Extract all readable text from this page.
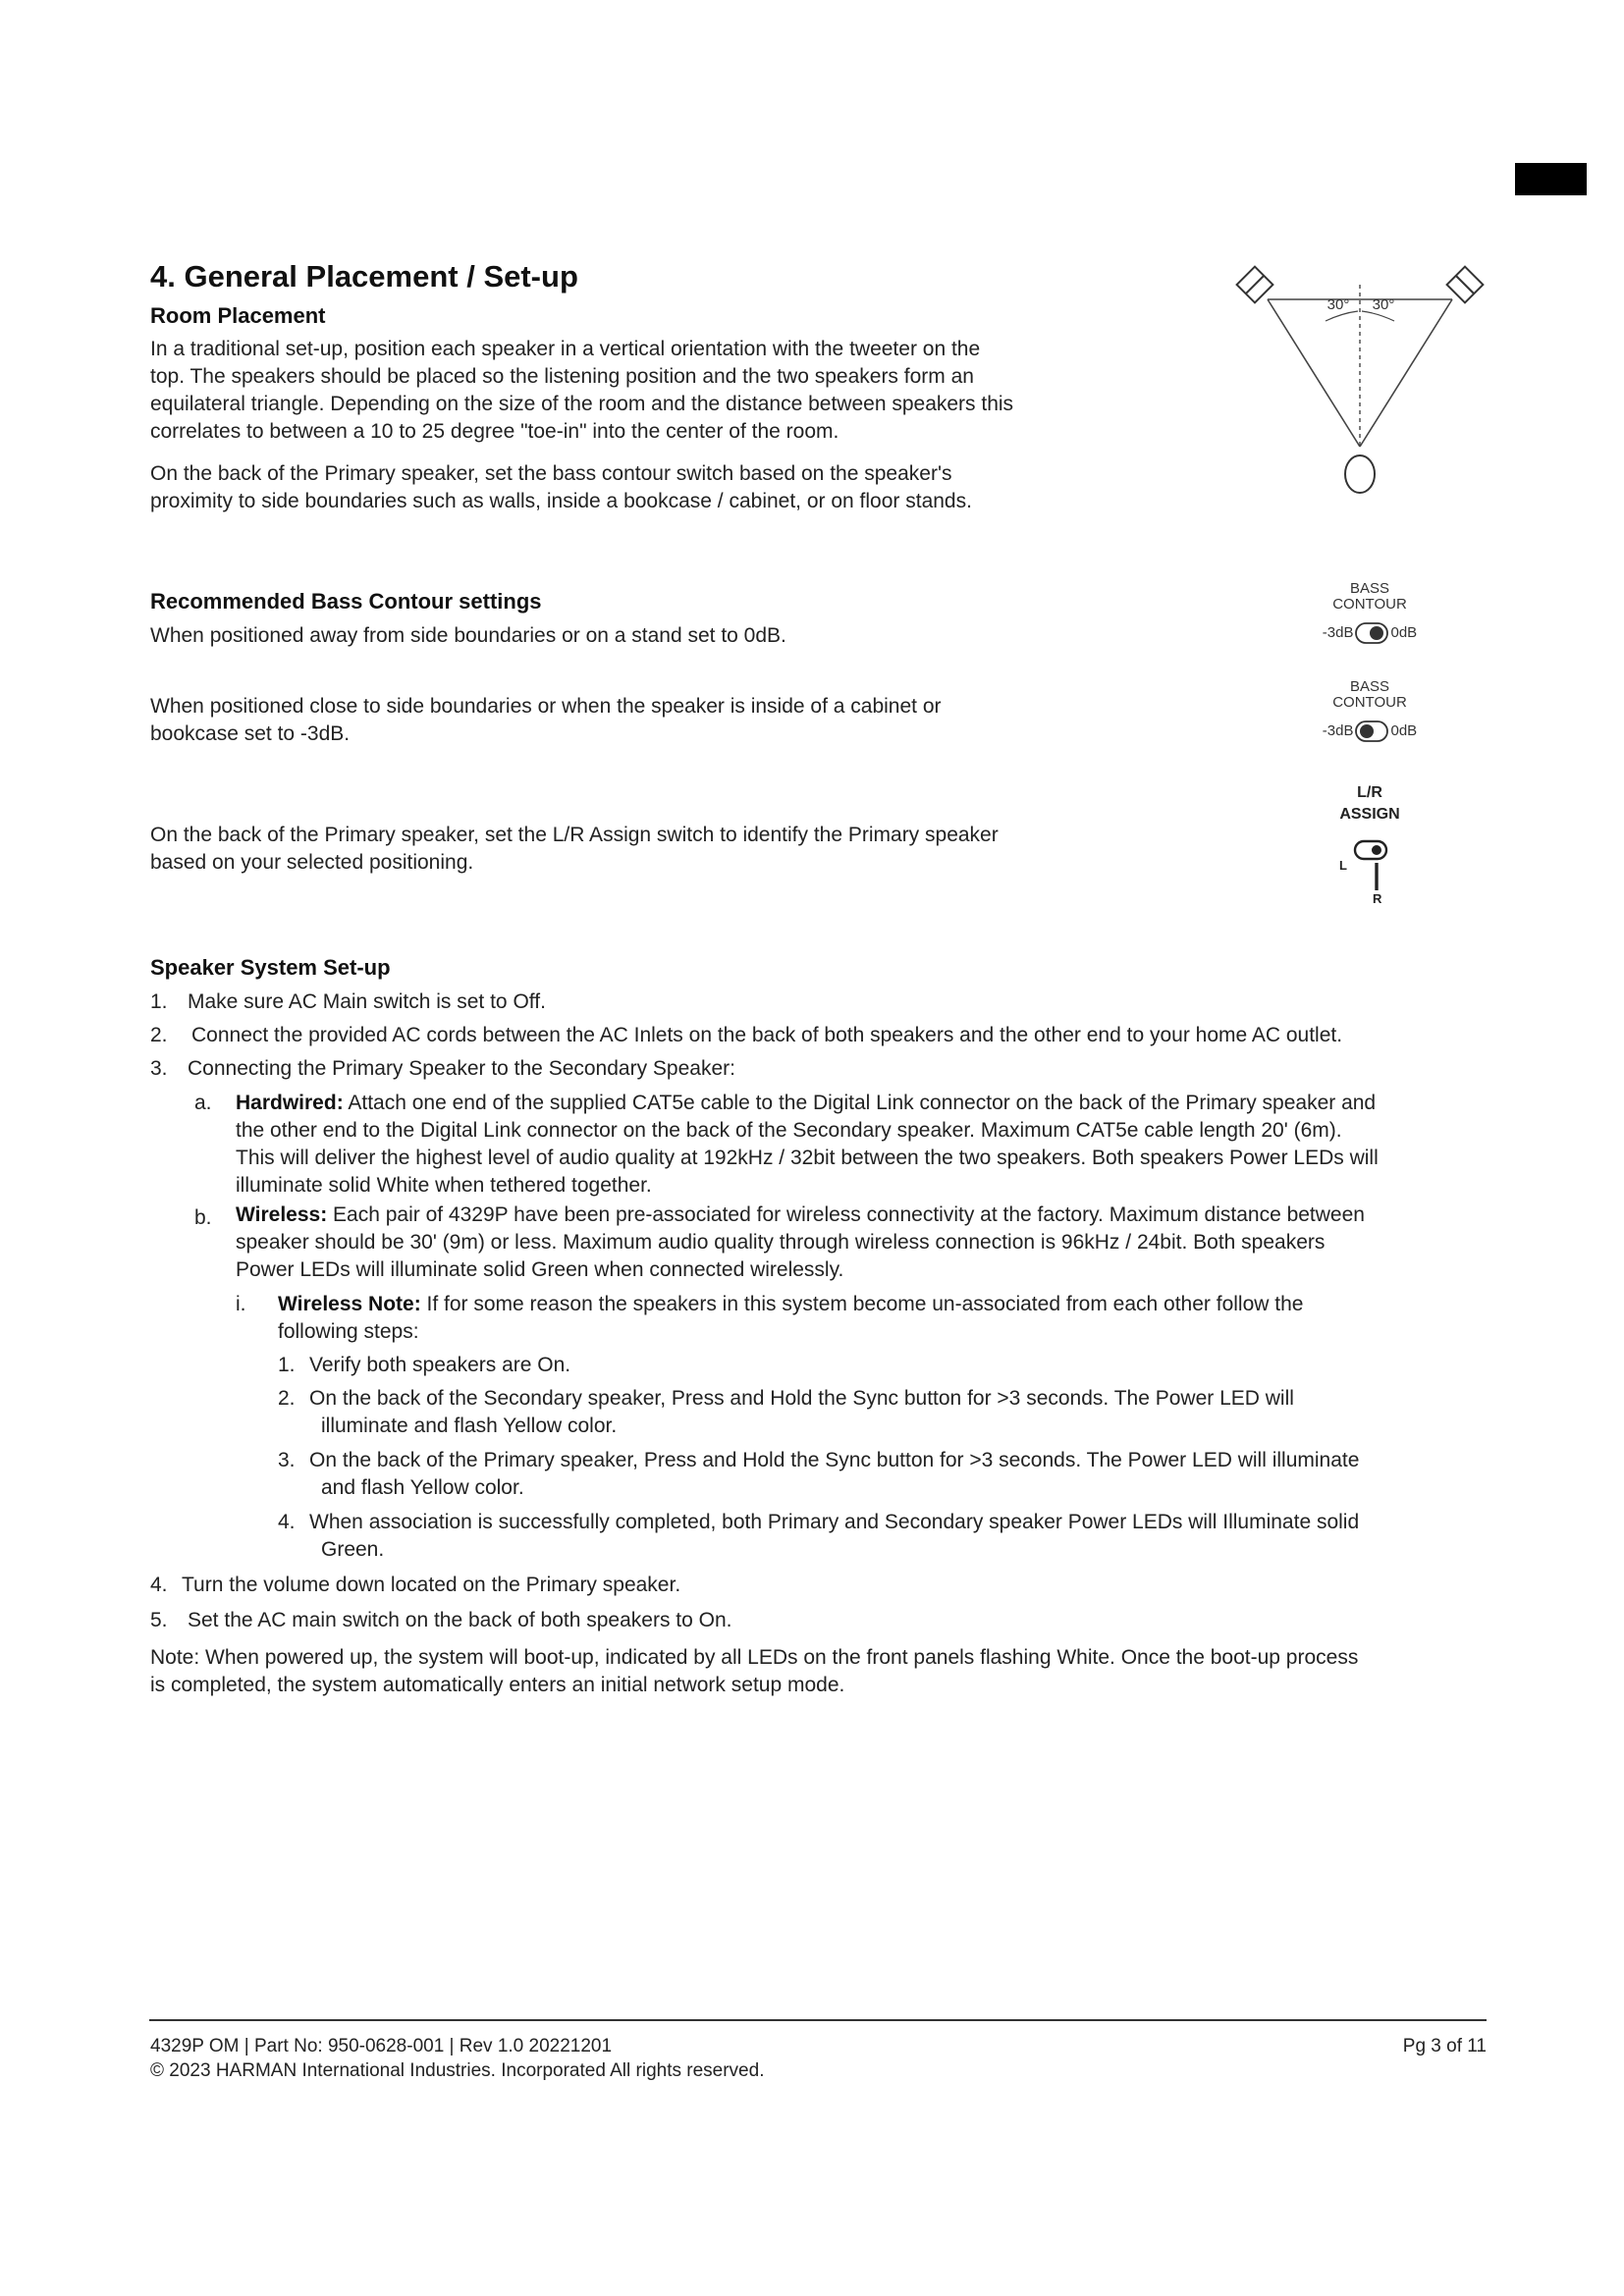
4. General Placement / Set-up
Room Placement
In a traditional set-up, position each speaker in a vertical orientation with the tweeter on the
top. The speakers should be placed so the listening position and the two speakers form an
equilateral triangle. Depending on the size of the room and the distance between speakers this
correlates to between a 10 to 25 degree "toe-in" into the center of the room.
On the back of the Primary speaker, set the bass contour switch based on the speaker's
proximity to side boundaries such as walls, inside a bookcase / cabinet, or on floor stands.
30° 30°
Recommended Bass Contour settings
When positioned away from side boundaries or on a stand set to 0dB.
When positioned close to side boundaries or when the speaker is inside of a cabinet or
bookcase set to -3dB.
BASS
CONTOUR
-3dB	0dB
BASS
CONTOUR
-3dB	0dB
On the back of the Primary speaker, set the L/R Assign switch to identify the Primary speaker
based on your selected positioning.
L/R
ASSIGN
L
R
Speaker System Set-up
1. Make sure AC Main switch is set to Off.
2. Connect the provided AC cords between the AC Inlets on the back of both speakers and the other end to your home AC outlet.
3. Connecting the Primary Speaker to the Secondary Speaker:
a. Hardwired: Attach one end of the supplied CAT5e cable to the Digital Link connector on the back of the Primary speaker and
the other end to the Digital Link connector on the back of the Secondary speaker. Maximum CAT5e cable length 20' (6m).
This will deliver the highest level of audio quality at 192kHz / 32bit between the two speakers. Both speakers Power LEDs will
illuminate solid White when tethered together.
b. Wireless: Each pair of 4329P have been pre-associated for wireless connectivity at the factory. Maximum distance between
speaker should be 30' (9m) or less. Maximum audio quality through wireless connection is 96kHz / 24bit. Both speakers
Power LEDs will illuminate solid Green when connected wirelessly.
i. Wireless Note: If for some reason the speakers in this system become un-associated from each other follow the
following steps:
1. Verify both speakers are On.
2. On the back of the Secondary speaker, Press and Hold the Sync button for >3 seconds. The Power LED will
illuminate and flash Yellow color.
3. On the back of the Primary speaker, Press and Hold the Sync button for >3 seconds. The Power LED will illuminate
and flash Yellow color.
4. When association is successfully completed, both Primary and Secondary speaker Power LEDs will Illuminate solid
Green.
4. Turn the volume down located on the Primary speaker.
5. Set the AC main switch on the back of both speakers to On.
Note: When powered up, the system will boot-up, indicated by all LEDs on the front panels flashing White. Once the boot-up process
is completed, the system automatically enters an initial network setup mode.
4329P OM | Part No: 950-0628-001 | Rev 1.0 20221201
© 2023 HARMAN International Industries. Incorporated All rights reserved.
Pg 3 of 11
